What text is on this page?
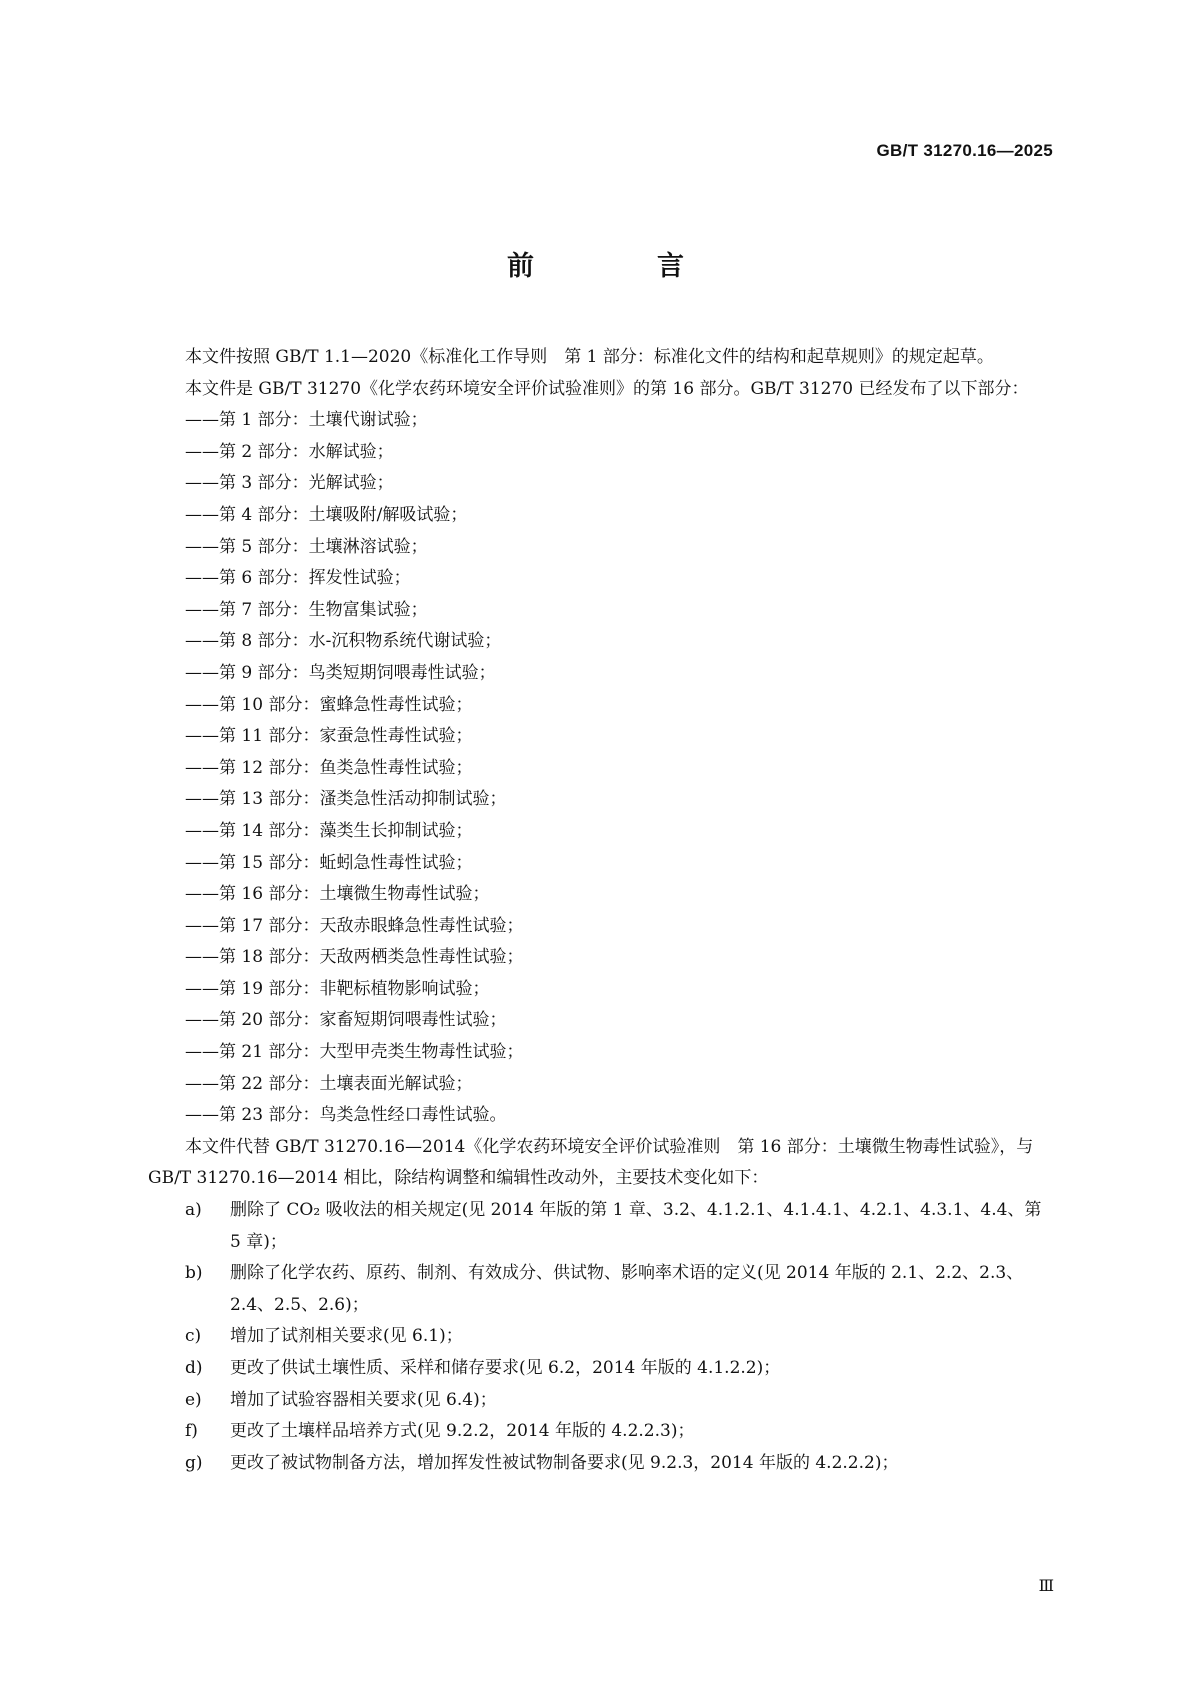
GB/T 31270.16—2025
前　言

本文件按照 GB/T 1.1—2020《标准化工作导则　第 1 部分：标准化文件的结构和起草规则》的规定起草。

本文件是 GB/T 31270《化学农药环境安全评价试验准则》的第 16 部分。GB/T 31270 已经发布了以下部分：

——第 1 部分：土壤代谢试验；

——第 2 部分：水解试验；

——第 3 部分：光解试验；

——第 4 部分：土壤吸附/解吸试验；

——第 5 部分：土壤淋溶试验；

——第 6 部分：挥发性试验；

——第 7 部分：生物富集试验；

——第 8 部分：水-沉积物系统代谢试验；

——第 9 部分：鸟类短期饲喂毒性试验；

——第 10 部分：蜜蜂急性毒性试验；

——第 11 部分：家蚕急性毒性试验；

——第 12 部分：鱼类急性毒性试验；

——第 13 部分：溞类急性活动抑制试验；

——第 14 部分：藻类生长抑制试验；

——第 15 部分：蚯蚓急性毒性试验；

——第 16 部分：土壤微生物毒性试验；

——第 17 部分：天敌赤眼蜂急性毒性试验；

——第 18 部分：天敌两栖类急性毒性试验；

——第 19 部分：非靶标植物影响试验；

——第 20 部分：家畜短期饲喂毒性试验；

——第 21 部分：大型甲壳类生物毒性试验；

——第 22 部分：土壤表面光解试验；

——第 23 部分：鸟类急性经口毒性试验。

本文件代替 GB/T 31270.16—2014《化学农药环境安全评价试验准则　第 16 部分：土壤微生物毒性试验》，与 GB/T 31270.16—2014 相比，除结构调整和编辑性改动外，主要技术变化如下：

a)	删除了 CO₂ 吸收法的相关规定(见 2014 年版的第 1 章、3.2、4.1.2.1、4.1.4.1、4.2.1、4.3.1、4.4、第 5 章)；
b)	删除了化学农药、原药、制剂、有效成分、供试物、影响率术语的定义(见 2014 年版的 2.1、2.2、2.3、2.4、2.5、2.6)；
c)	增加了试剂相关要求(见 6.1)；
d)	更改了供试土壤性质、采样和储存要求(见 6.2，2014 年版的 4.1.2.2)；
e)	增加了试验容器相关要求(见 6.4)；
f)	更改了土壤样品培养方式(见 9.2.2，2014 年版的 4.2.2.3)；
g)	更改了被试物制备方法，增加挥发性被试物制备要求(见 9.2.3，2014 年版的 4.2.2.2)；
Ⅲ
